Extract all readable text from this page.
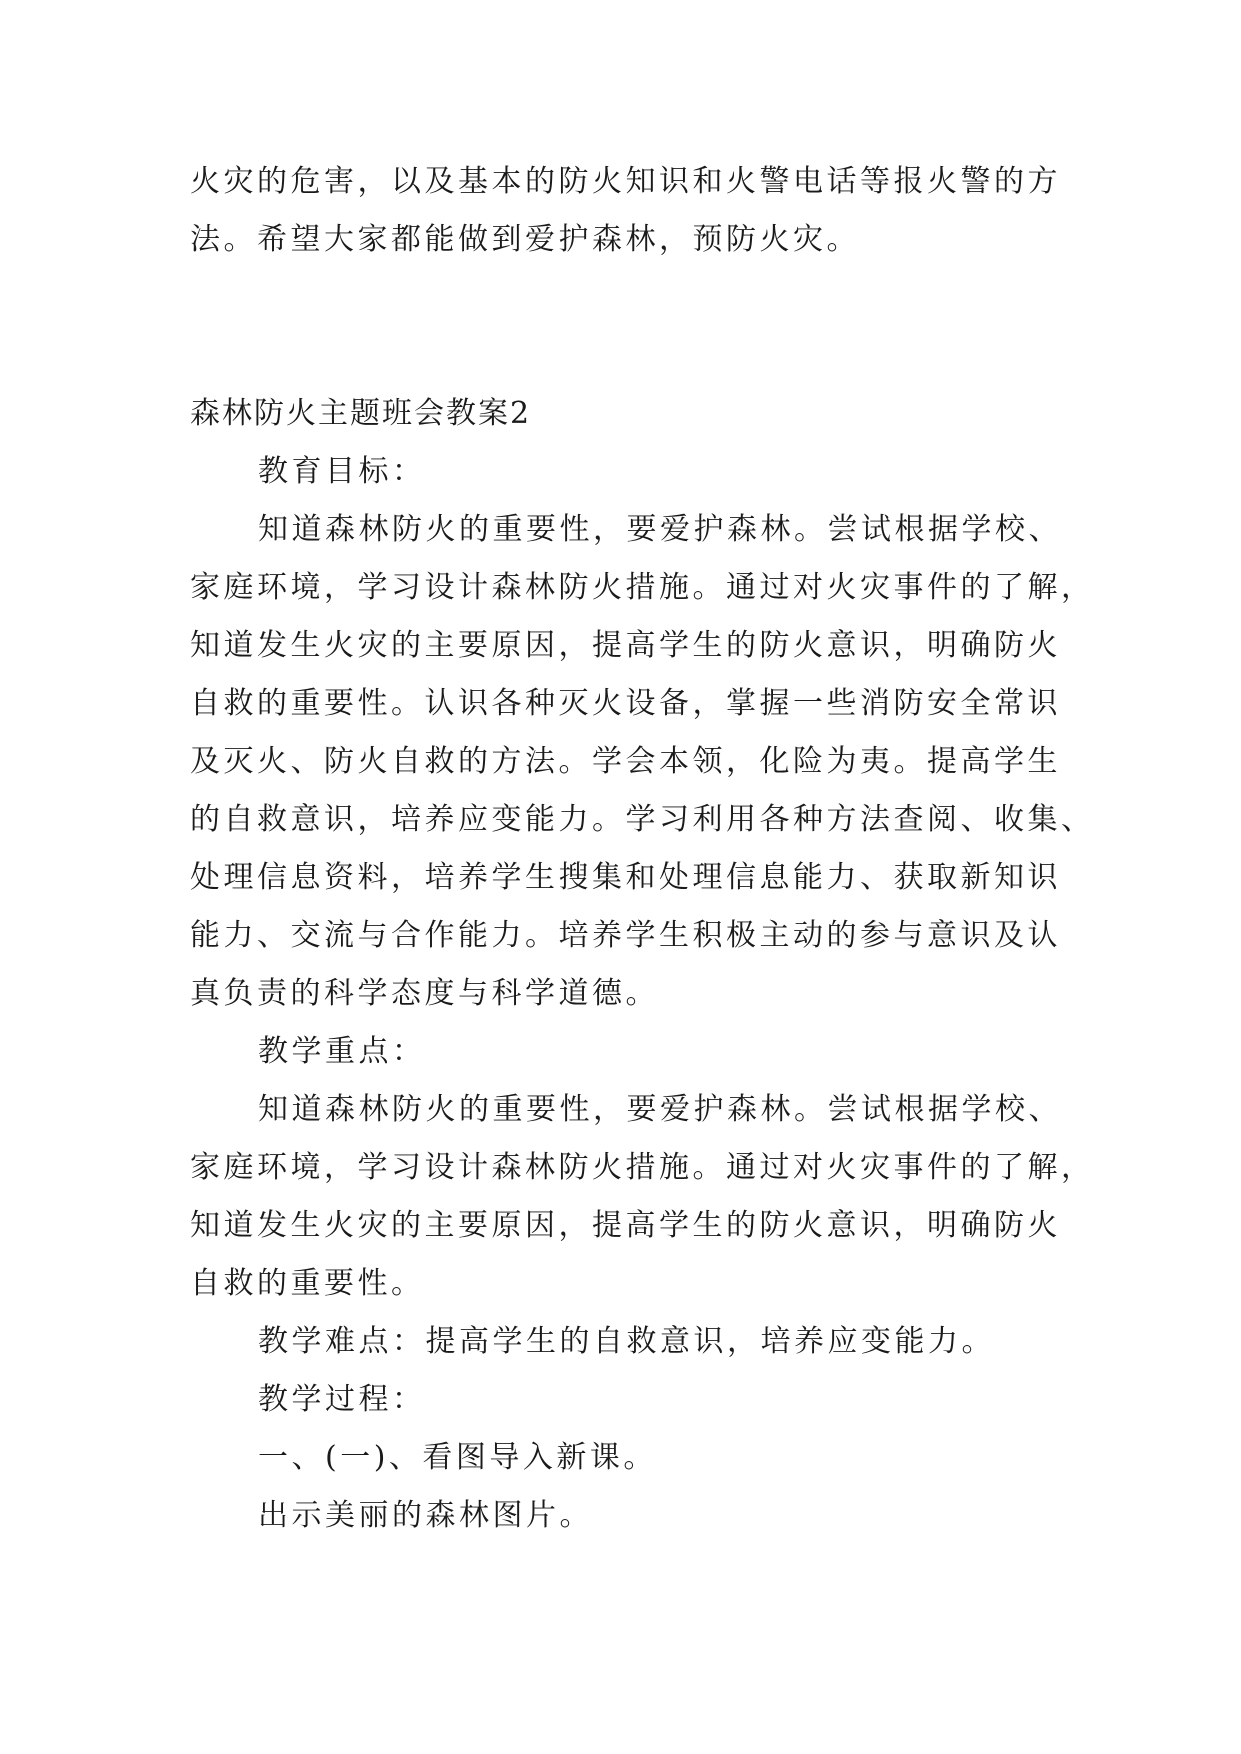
火灾的危害，以及基本的防火知识和火警电话等报火警的方
法。希望大家都能做到爱护森林，预防火灾。
森林防火主题班会教案2
教育目标：
知道森林防火的重要性，要爱护森林。尝试根据学校、
家庭环境，学习设计森林防火措施。通过对火灾事件的了解，
知道发生火灾的主要原因，提高学生的防火意识，明确防火
自救的重要性。认识各种灭火设备，掌握一些消防安全常识
及灭火、防火自救的方法。学会本领，化险为夷。提高学生
的自救意识，培养应变能力。学习利用各种方法查阅、收集、
处理信息资料，培养学生搜集和处理信息能力、获取新知识
能力、交流与合作能力。培养学生积极主动的参与意识及认
真负责的科学态度与科学道德。
教学重点：
知道森林防火的重要性，要爱护森林。尝试根据学校、
家庭环境，学习设计森林防火措施。通过对火灾事件的了解，
知道发生火灾的主要原因，提高学生的防火意识，明确防火
自救的重要性。
教学难点：提高学生的自救意识，培养应变能力。
教学过程：
一、(一)、看图导入新课。
出示美丽的森林图片。
